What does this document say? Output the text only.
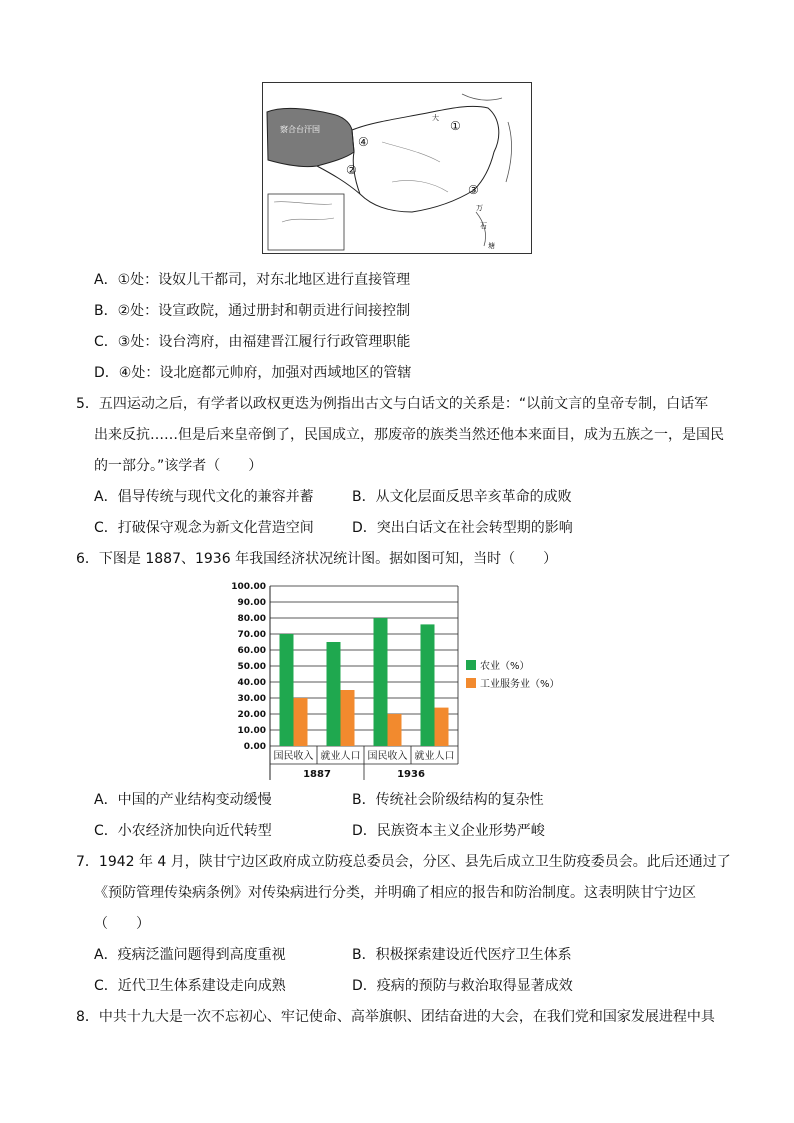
察合台汗国	①
②
③
④
大
万
石
塘
A．①处：设奴儿干都司，对东北地区进行直接管理
B．②处：设宣政院，通过册封和朝贡进行间接控制
C．③处：设台湾府，由福建晋江履行行政管理职能
D．④处：设北庭都元帅府，加强对西域地区的管辖
5．五四运动之后，有学者以政权更迭为例指出古文与白话文的关系是：“以前文言的皇帝专制，白话军
出来反抗……但是后来皇帝倒了，民国成立，那废帝的族类当然还他本来面目，成为五族之一，是国民
的一部分。”该学者（　　）
A．倡导传统与现代文化的兼容并蓄	B．从文化层面反思辛亥革命的成败
C．打破保守观念为新文化营造空间	D．突出白话文在社会转型期的影响
6．下图是 1887、1936 年我国经济状况统计图。据如图可知，当时（　　）
0.00
10.00
20.00
30.00
40.00
50.00
60.00
70.00
80.00
90.00
100.00
国民收入 就业人口 国民收入 就业人口
1887	1936
农业（%）
工业服务业（%）
A．中国的产业结构变动缓慢	B．传统社会阶级结构的复杂性
C．小农经济加快向近代转型	D．民族资本主义企业形势严峻
7．1942 年 4 月，陕甘宁边区政府成立防疫总委员会，分区、县先后成立卫生防疫委员会。此后还通过了
《预防管理传染病条例》对传染病进行分类，并明确了相应的报告和防治制度。这表明陕甘宁边区
（　　）
A．疫病泛滥问题得到高度重视	B．积极探索建设近代医疗卫生体系
C．近代卫生体系建设走向成熟	D．疫病的预防与救治取得显著成效
8．中共十九大是一次不忘初心、牢记使命、高举旗帜、团结奋进的大会，在我们党和国家发展进程中具
